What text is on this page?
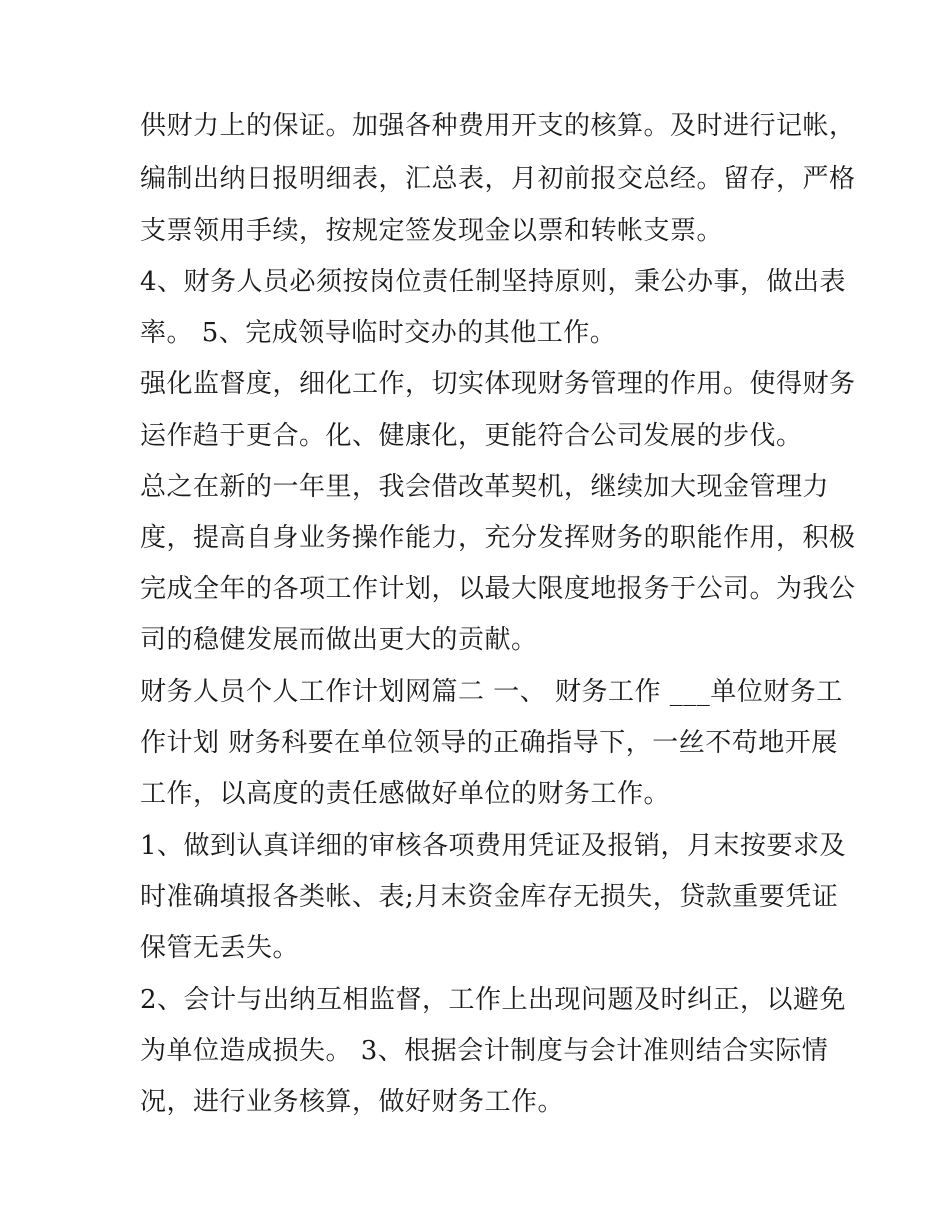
供财力上的保证。加强各种费用开支的核算。及时进行记帐，
编制出纳日报明细表，汇总表，月初前报交总经。留存，严格
支票领用手续，按规定签发现金以票和转帐支票。
4、财务人员必须按岗位责任制坚持原则，秉公办事，做出表
率。 5、完成领导临时交办的其他工作。
强化监督度，细化工作，切实体现财务管理的作用。使得财务
运作趋于更合。化、健康化，更能符合公司发展的步伐。
总之在新的一年里，我会借改革契机，继续加大现金管理力
度，提高自身业务操作能力，充分发挥财务的职能作用，积极
完成全年的各项工作计划，以最大限度地报务于公司。为我公
司的稳健发展而做出更大的贡献。
财务人员个人工作计划网篇二 一、 财务工作 ___单位财务工
作计划 财务科要在单位领导的正确指导下，一丝不苟地开展
工作，以高度的责任感做好单位的财务工作。
1、做到认真详细的审核各项费用凭证及报销，月末按要求及
时准确填报各类帐、表;月末资金库存无损失，贷款重要凭证
保管无丢失。
2、会计与出纳互相监督，工作上出现问题及时纠正，以避免
为单位造成损失。 3、根据会计制度与会计准则结合实际情
况，进行业务核算，做好财务工作。
